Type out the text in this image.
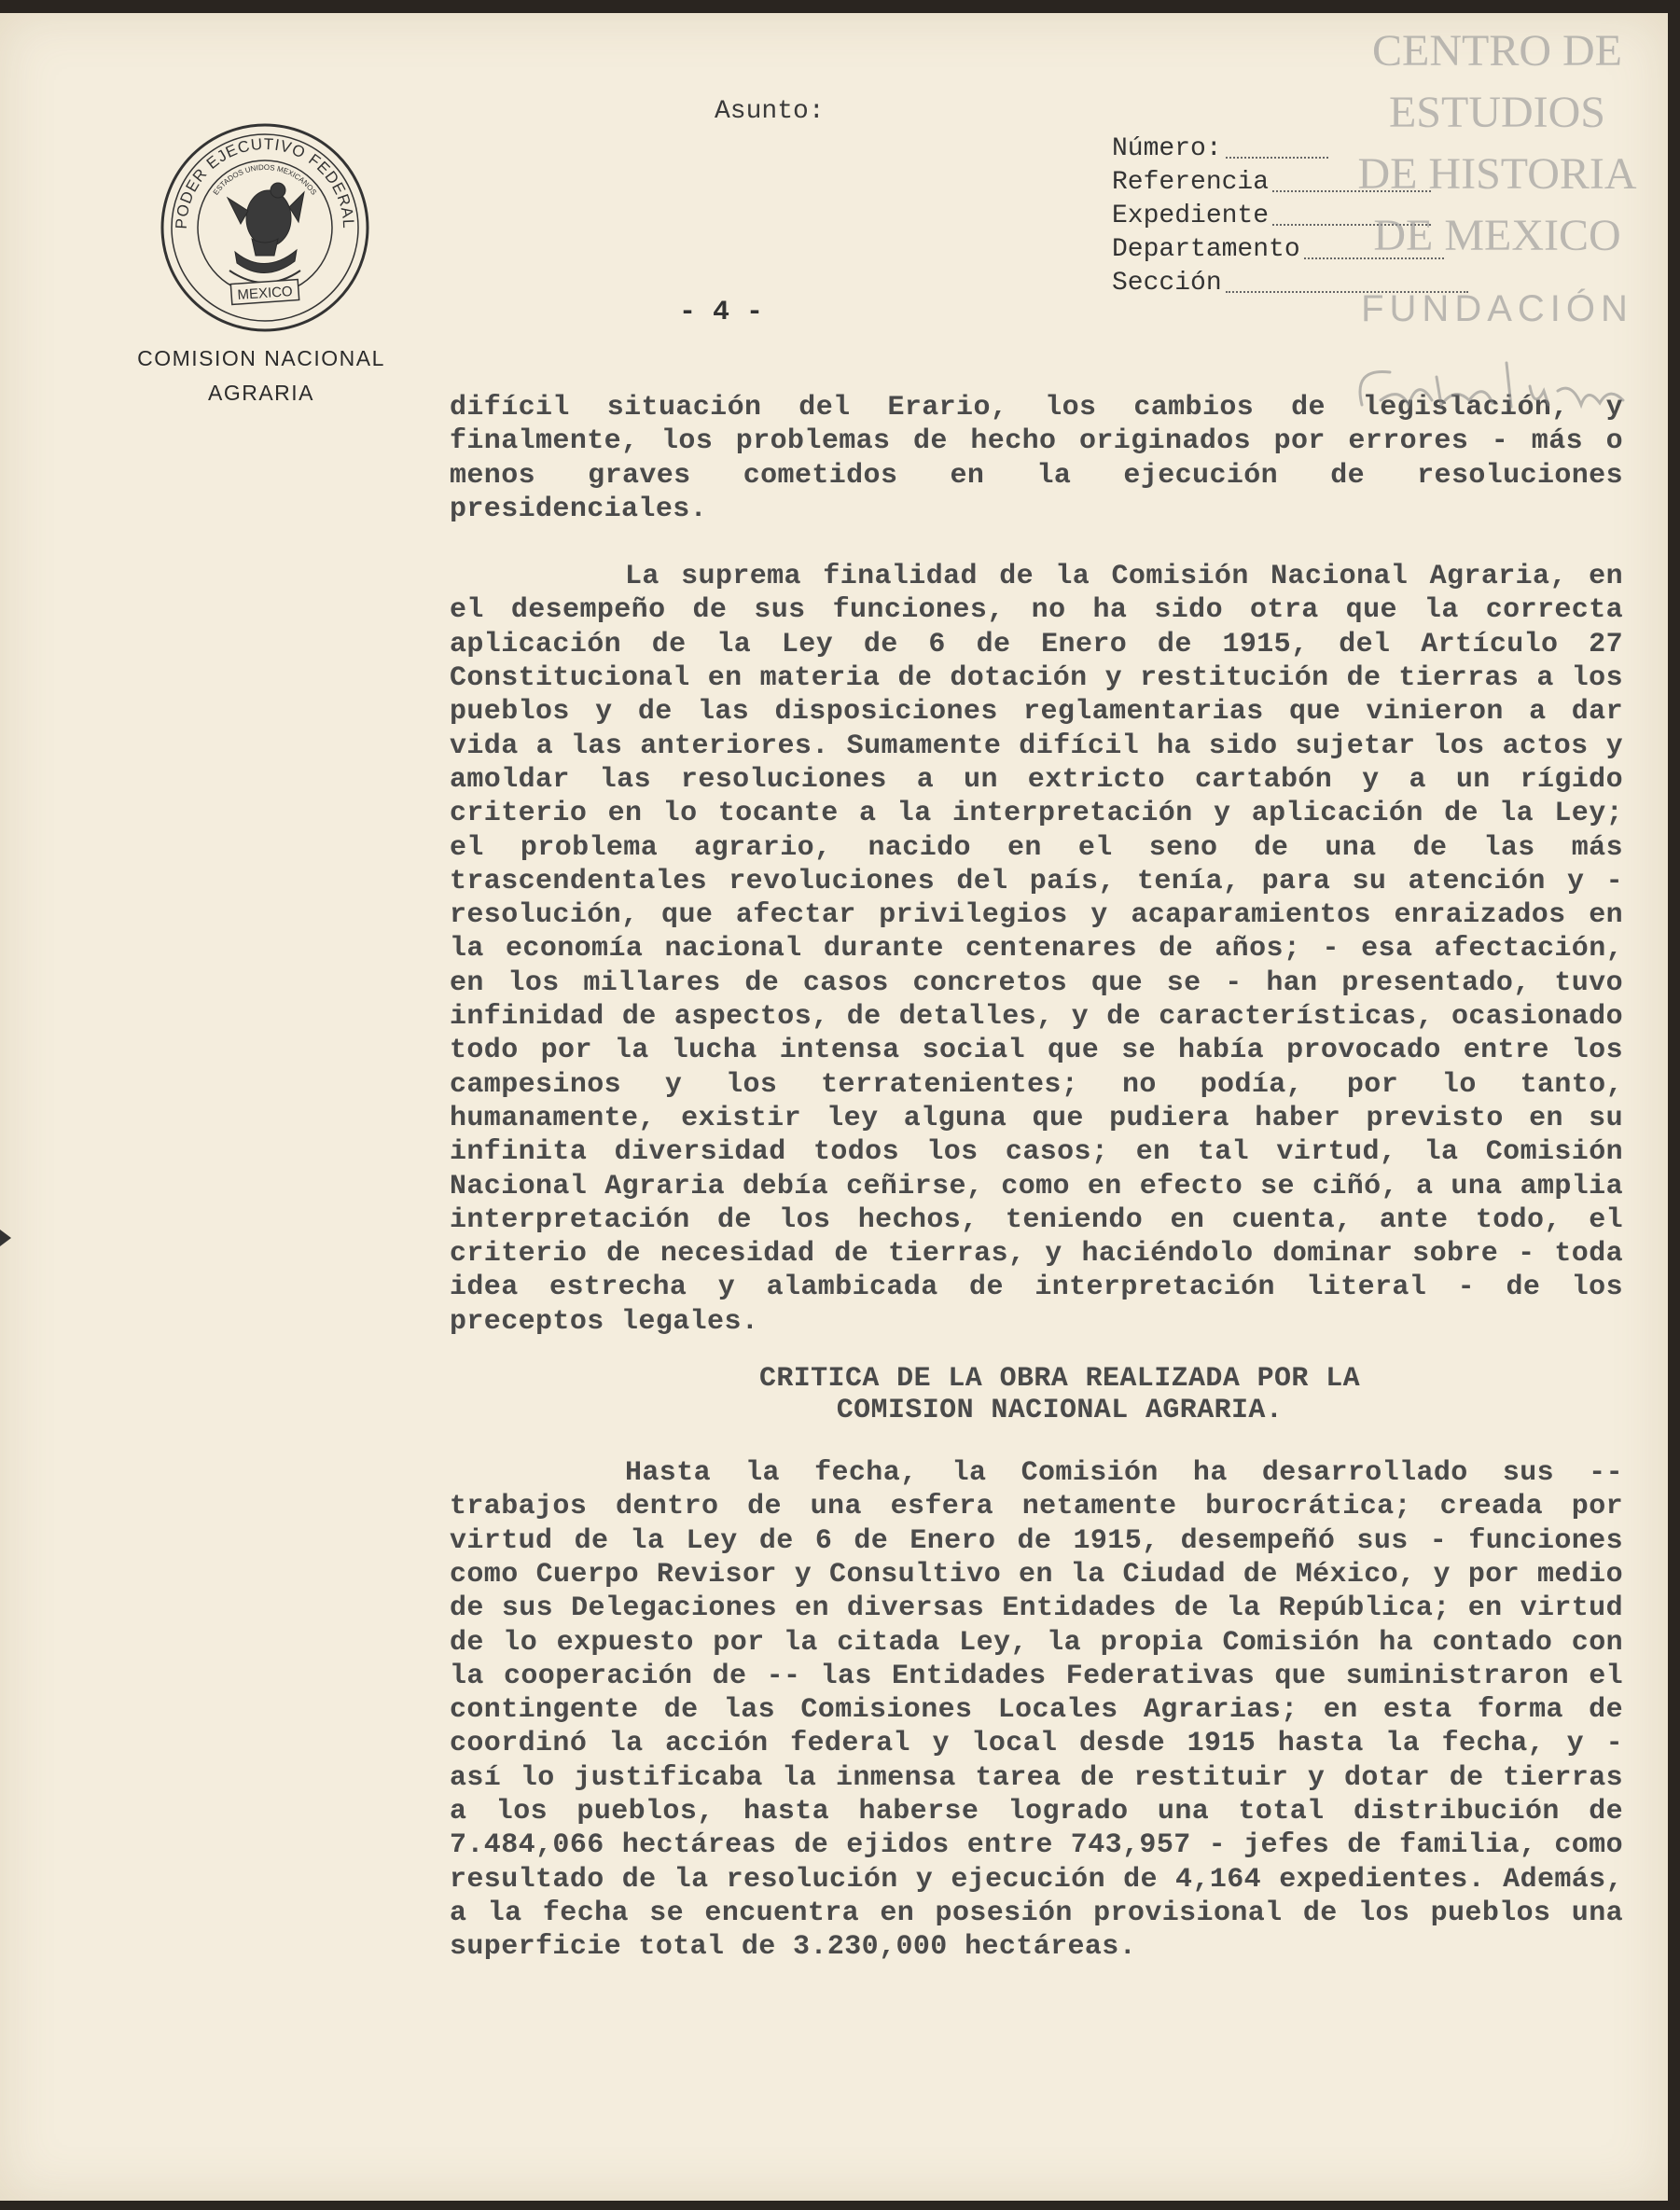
PODER EJECUTIVO FEDERAL
ESTADOS UNIDOS MEXICANOS
MEXICO
COMISION NACIONAL
AGRARIA
Asunto:
Número:
Referencia
Expediente
Departamento
Sección
- 4 -

difícil situación del Erario, los cambios de legislación, y finalmente, los problemas de hecho originados por errores - más o menos graves cometidos en la ejecución de resoluciones presidenciales.

La suprema finalidad de la Comisión Nacional Agraria, en el desempeño de sus funciones, no ha sido otra que la correcta aplicación de la Ley de 6 de Enero de 1915, del Artículo 27 Constitucional en materia de dotación y restitución de tierras a los pueblos y de las disposiciones reglamentarias que vinieron a dar vida a las anteriores. Sumamente difícil ha sido sujetar los actos y amoldar las resoluciones a un extricto cartabón y a un rígido criterio en lo tocante a la interpretación y aplicación de la Ley; el problema agrario, nacido en el seno de una de las más trascendentales revoluciones del país, tenía, para su atención y - resolución, que afectar privilegios y acaparamientos enraizados en la economía nacional durante centenares de años; - esa afectación, en los millares de casos concretos que se - han presentado, tuvo infinidad de aspectos, de detalles, y de características, ocasionado todo por la lucha intensa social que se había provocado entre los campesinos y los terratenientes; no podía, por lo tanto, humanamente, existir ley alguna que pudiera haber previsto en su infinita diversidad todos los casos; en tal virtud, la Comisión Nacional Agraria debía ceñirse, como en efecto se ciñó, a una amplia interpretación de los hechos, teniendo en cuenta, ante todo, el criterio de necesidad de tierras, y haciéndolo dominar sobre - toda idea estrecha y alambicada de interpretación literal - de los preceptos legales.

CRITICA DE LA OBRA REALIZADA POR LA
COMISION NACIONAL AGRARIA.

Hasta la fecha, la Comisión ha desarrollado sus -- trabajos dentro de una esfera netamente burocrática; creada por virtud de la Ley de 6 de Enero de 1915, desempeñó sus - funciones como Cuerpo Revisor y Consultivo en la Ciudad de México, y por medio de sus Delegaciones en diversas Entidades de la República; en virtud de lo expuesto por la citada Ley, la propia Comisión ha contado con la cooperación de -- las Entidades Federativas que suministraron el contingente de las Comisiones Locales Agrarias; en esta forma de coordinó la acción federal y local desde 1915 hasta la fecha, y - así lo justificaba la inmensa tarea de restituir y dotar de tierras a los pueblos, hasta haberse logrado una total distribución de 7.484,066 hectáreas de ejidos entre 743,957 - jefes de familia, como resultado de la resolución y ejecución de 4,164 expedientes. Además, a la fecha se encuentra en posesión provisional de los pueblos una superficie total de 3.230,000 hectáreas.

CENTRO DE
ESTUDIOS
DE HISTORIA
DE MEXICO
FUNDACIÓN
